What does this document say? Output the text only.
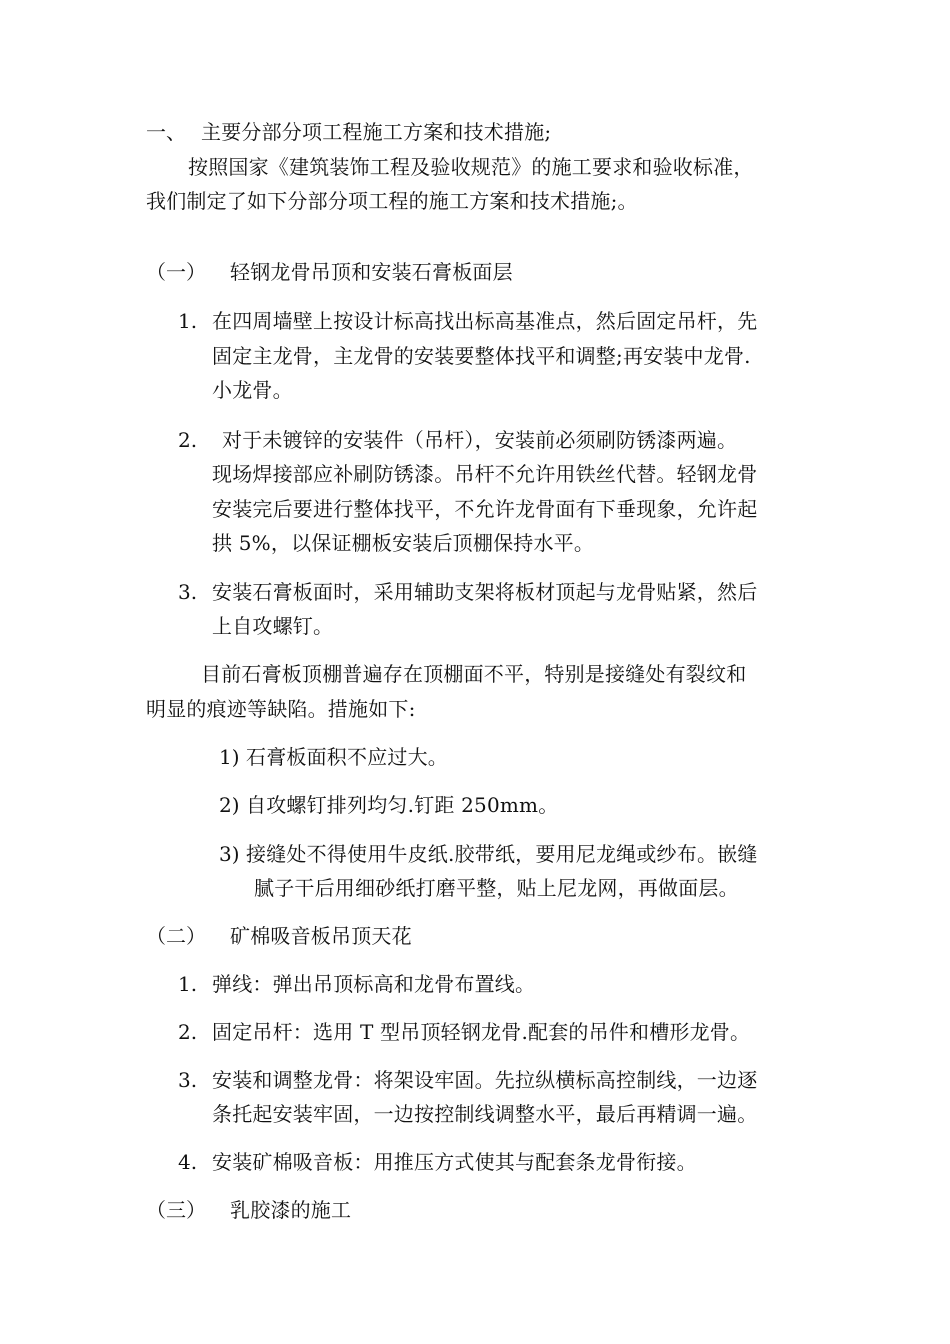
一、 主要分部分项工程施工方案和技术措施;
按照国家《建筑装饰工程及验收规范》的施工要求和验收标准，
我们制定了如下分部分项工程的施工方案和技术措施;。
（一） 轻钢龙骨吊顶和安装石膏板面层
1. 在四周墙壁上按设计标高找出标高基准点，然后固定吊杆，先
固定主龙骨，主龙骨的安装要整体找平和调整;再安装中龙骨.
小龙骨。
2. 对于未镀锌的安装件（吊杆），安装前必须刷防锈漆两遍。
现场焊接部应补刷防锈漆。吊杆不允许用铁丝代替。轻钢龙骨
安装完后要进行整体找平，不允许龙骨面有下垂现象，允许起
拱 5%，以保证棚板安装后顶棚保持水平。
3. 安装石膏板面时，采用辅助支架将板材顶起与龙骨贴紧，然后
上自攻螺钉。
目前石膏板顶棚普遍存在顶棚面不平，特别是接缝处有裂纹和
明显的痕迹等缺陷。措施如下:
1) 石膏板面积不应过大。
2) 自攻螺钉排列均匀.钉距 250mm。
3) 接缝处不得使用牛皮纸.胶带纸，要用尼龙绳或纱布。嵌缝
腻子干后用细砂纸打磨平整，贴上尼龙网，再做面层。
（二） 矿棉吸音板吊顶天花
1. 弹线：弹出吊顶标高和龙骨布置线。
2. 固定吊杆：选用 T 型吊顶轻钢龙骨.配套的吊件和槽形龙骨。
3. 安装和调整龙骨：将架设牢固。先拉纵横标高控制线，一边逐
条托起安装牢固，一边按控制线调整水平，最后再精调一遍。
4. 安装矿棉吸音板：用推压方式使其与配套条龙骨衔接。
（三） 乳胶漆的施工
